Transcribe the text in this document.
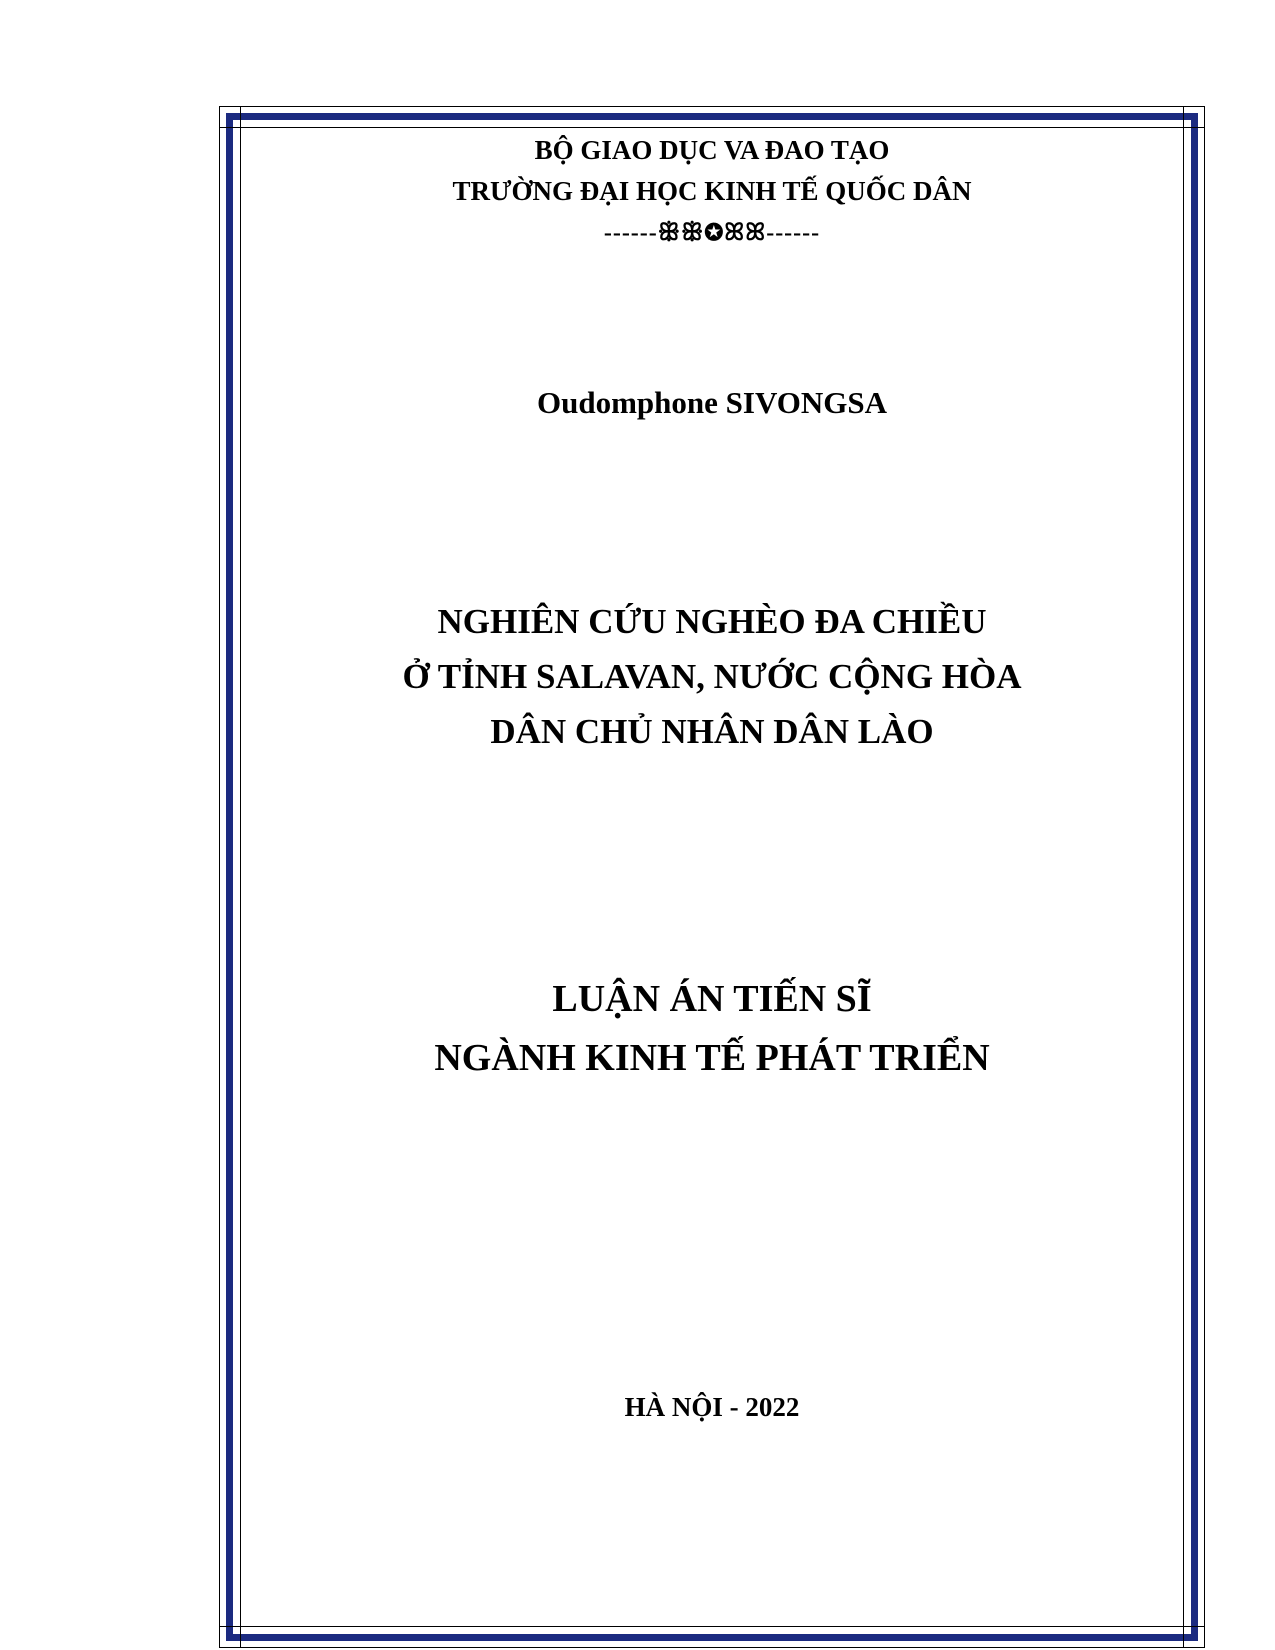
BỘ GIAO DỤC VA ĐAO TẠO
TRƯỜNG ĐẠI HỌC KINH TẾ QUỐC DÂN
------ꕥꕥ✪ꕤꕤ------
Oudomphone SIVONGSA
NGHIÊN CỨU NGHÈO ĐA CHIỀU
Ở TỈNH SALAVAN, NƯỚC CỘNG HÒA
DÂN CHỦ NHÂN DÂN LÀO
LUẬN ÁN TIẾN SĨ
NGÀNH KINH TẾ PHÁT TRIỂN
HÀ NỘI - 2022
